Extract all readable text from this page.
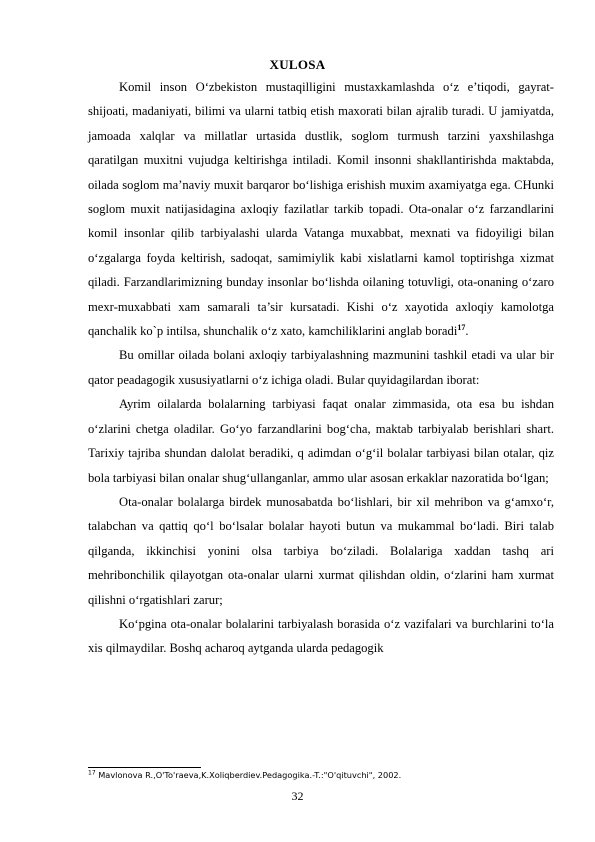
XULOSA

Komil inson O‘zbekiston mustaqilligini mustaxkamlashda o‘z e’tiqodi, gayrat-shijoati, madaniyati, bilimi va ularni tatbiq etish maxorati bilan ajralib turadi. U jamiyatda, jamoada xalqlar va millatlar urtasida dustlik, soglom turmush tarzini yaxshilashga qaratilgan muxitni vujudga keltirishga intiladi. Komil insonni shakllantirishda maktabda, oilada soglom ma’naviy muxit barqaror bo‘lishiga erishish muxim axamiyatga ega. CHunki soglom muxit natijasidagina axloqiy fazilatlar tarkib topadi. Ota-onalar o‘z farzandlarini komil insonlar qilib tarbiyalashi ularda Vatanga muxabbat, mexnati va fidoyiligi bilan o‘zgalarga foyda keltirish, sadoqat, samimiylik kabi xislatlarni kamol toptirishga xizmat qiladi. Farzandlarimizning bunday insonlar bo‘lishda oilaning totuvligi, ota-onaning o‘zaro mexr-muxabbati xam samarali ta’sir kursatadi. Kishi o‘z xayotida axloqiy kamolotga qanchalik ko`p intilsa, shunchalik o‘z xato, kamchiliklarini anglab boradi$^{17}$.

Bu omillar oilada bolani axloqiy tarbiyalashning mazmunini tashkil etadi va ular bir qator peadagogik xususiyatlarni o‘z ichiga oladi. Bular quyidagilardan iborat:

Ayrim oilalarda bolalarning tarbiyasi faqat onalar zimmasida, ota esa bu ishdan o‘zlarini chetga oladilar. Go‘yo farzandlarini bog‘cha, maktab tarbiyalab berishlari shart. Tarixiy tajriba shundan dalolat beradiki, q adimdan o‘g‘il bolalar tarbiyasi bilan otalar, qiz bola tarbiyasi bilan onalar shug‘ullanganlar, ammo ular asosan erkaklar nazoratida bo‘lgan;

Ota-onalar bolalarga birdek munosabatda bo‘lishlari, bir xil mehribon va g‘amxo‘r, talabchan va qattiq qo‘l bo‘lsalar bolalar hayoti butun va mukammal bo‘ladi. Biri talab qilganda, ikkinchisi yonini olsa tarbiya bo‘ziladi. Bolalariga xaddan tashq ari mehribonchilik qilayotgan ota-onalar ularni xurmat qilishdan oldin, o‘zlarini ham xurmat qilishni o‘rgatishlari zarur;

Ko‘pgina ota-onalar bolalarini tarbiyalash borasida o‘z vazifalari va burchlarini to‘la xis qilmaydilar. Boshq acharoq aytganda ularda pedagogik

$^{17}$ Mavlonova R.,O'To'raeva,K.Xoliqberdiev.Pedagogika.-T.:"O'qituvchi", 2002.
32
